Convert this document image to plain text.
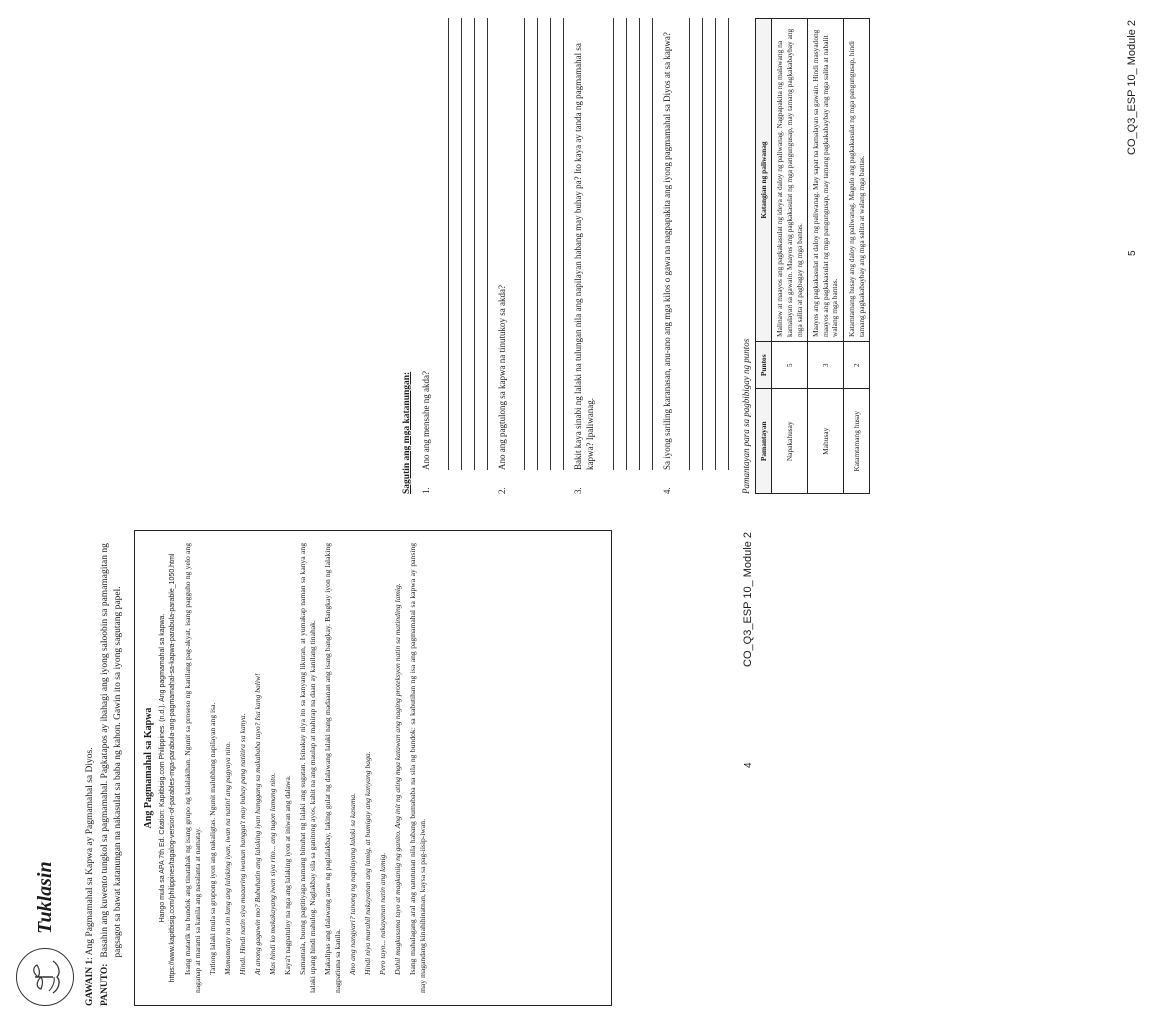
Tuklasin
GAWAIN 1: Ang Pagmamahal sa Kapwa ay Pagmamahal sa Diyos.
PANUTO:
Basahin ang kuwento tungkol sa pagmamahal. Pagkatapos ay ibahagi ang iyong saloobin sa pamamagitan ng pagsagot sa bawat katanungan na nakasulat sa baba ng kahon. Gawin ito sa iyong sagutang papel. Ang Pagmamahal sa Kapwa Hango mula sa APA 7th Ed. Citation: Kapitbisig.com Philippines. (n.d.). Ang pagmamahal sa kapwa. https://www.kapitbisig.com/philippines/tagalog-version-of-parables-mga-parabula-ang-pagmamahal-sa-kapwa-parabula-parable_1050.html Isang matarik na bundok ang tinatahak ng isang grupo ng kalalakihan. Ngunit sa proseso ng kanilang pag-akyat, isang pagguho ng yelo ang naganap at marami sa kanila ang nasalanta at namatay. Tatlong lalaki mula sa grupong iyon ang nakaligtas. Ngunit malubhang napilayan ang isa. Mamamatay na rin lang ang lalaking iyan, iwan na natin! ang pagyaya nito. Hindi. Hindi natin siya maaaring iwanan hangga't may buhay pang natitira sa kanya. At anong gagawin mo? Bubuhatin ang lalaking iyan hanggang sa makababa tayo? Isa kang baliw! Mas hindi ko makakayang iwan siya rito... ang tugon lamang nito. Kaya't nagpatuloy na nga ang lalaking iyon at iniwan ang dalawa. Samantala, buong pagtitiyaga namang binuhat ng lalaki ang sugatan. Isinakay niya ito sa kanyang likuran, at yumakap naman sa kanya ang lalaki upang hindi mahulog. Naglakbay sila sa ganitong ayos, kahit na ang maulap at mahirap na daan ay kanilang tinahak. Makalipas ang dalawang araw ng paglalakbay, laking gulat ng dalawang lalaki nang madaanan ang isang bangkay. Bangkay iyon ng lalaking nagpatiuna sa kanila. Ano ang nangyari? tanong ng napilayang lalaki sa kasama. Hindi niya marahil nakayanan ang lamig, at bumigay ang kanyang baga. Pero tayo... nakayanan natin ang lamig. Dahil magkasama tayo at magkaniig ng ganito. Ang init ng ating mga katawan ang naging proteksyon natin sa matinding lamig. Isang mahalagang aral ang natutunan nila habang bumababa na sila ng bundok: sa kabutihan ng isa ang pagmamahal sa kapwa ay pansing may magandang kinahihinatnan, kaysa sa pag-iisip-iwan.

4
CO_Q3_ESP 10_ Module 2
Sagutin ang mga katanungan: 1.
Ano ang mensahe ng akda?
2.
Ano ang pagtulong sa kapwa na tinutukoy sa akda?
3.
Bakit kaya sinabi ng lalaki na tulungan nila ang napilayan habang may buhay pa? Ito kaya ay tanda ng pagmamahal sa kapwa? Ipaliwanag.
4.
Sa iyong sariling karanasan, anu-ano ang mga kilos o gawa na nagpapakita ang iyong pagmamahal sa Diyos at sa kapwa?	Pamantayan para sa pagbibigay ng puntos Pamantayan	Puntos	Katangian ng paliwanag
Napakahusay	5	Malinaw at maayos ang pagkakasulat ng ideya at daloy ng paliwanag. Nagpapakita ng malawang na kamalayan sa gawain. Maayos ang pagkakasulat ng mga pangungusap, may tamang pagkakabaybay ang mga salita at pagbagay ng mga bantas.
Mahusay	3	Maayos ang pagkakasulat at daloy ng paliwanag. May sapat na kamalayan sa gawain. Hindi masyadong maayos ang pagkakasulat ng mga pangungusap, may tamang pagkakabaybay ang mga salita at nabalit walang mga bantas.
Katamtamang husay	2	Katamtamang husay ang daloy ng paliwanag. Magulo ang pagkakasulat ng mga pangungusap, hindi tamang pagkakabaybay ang mga salita at walang mga bantas.	5
CO_Q3_ESP 10_ Module 2
